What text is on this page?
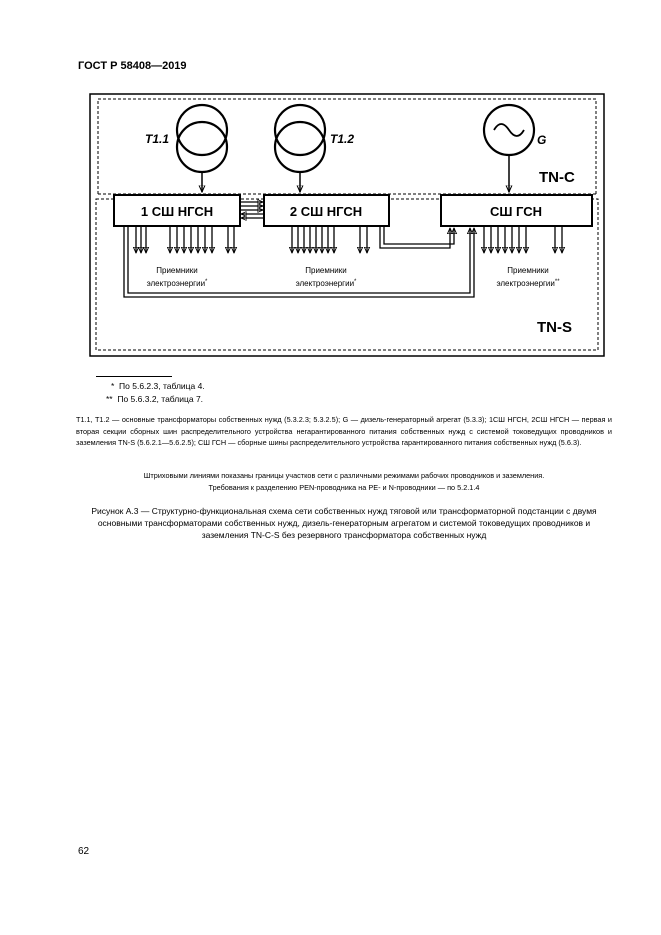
ГОСТ Р 58408—2019
T1.1	T1.2	G
TN-C
1 СШ НГСН	2 СШ НГСН	СШ ГСН
Приемники
электроэнергии*
Приемники
электроэнергии*
Приемники
электроэнергии**
TN-S
* По 5.6.2.3, таблица 4.
** По 5.6.3.2, таблица 7.
T1.1, T1.2 — основные трансформаторы собственных нужд (5.3.2.3; 5.3.2.5); G — дизель-генераторный агрегат (5.3.3); 1СШ НГСН, 2СШ НГСН — первая и вторая секции сборных шин распределительного устройства негарантированного питания собственных нужд с системой токоведущих проводников и заземления TN-S (5.6.2.1—5.6.2.5); СШ ГСН — сборные шины распределительного устройства гарантированного питания собственных нужд (5.6.3).
Штриховыми линиями показаны границы участков сети с различными режимами рабочих проводников и заземления.
Требования к разделению PEN-проводника на PE- и N-проводники — по 5.2.1.4
Рисунок А.3 — Структурно-функциональная схема сети собственных нужд тяговой или трансформаторной подстанции с двумя основными трансформаторами собственных нужд, дизель-генераторным агрегатом и системой токоведущих проводников и заземления TN-C-S без резервного трансформатора собственных нужд
62
